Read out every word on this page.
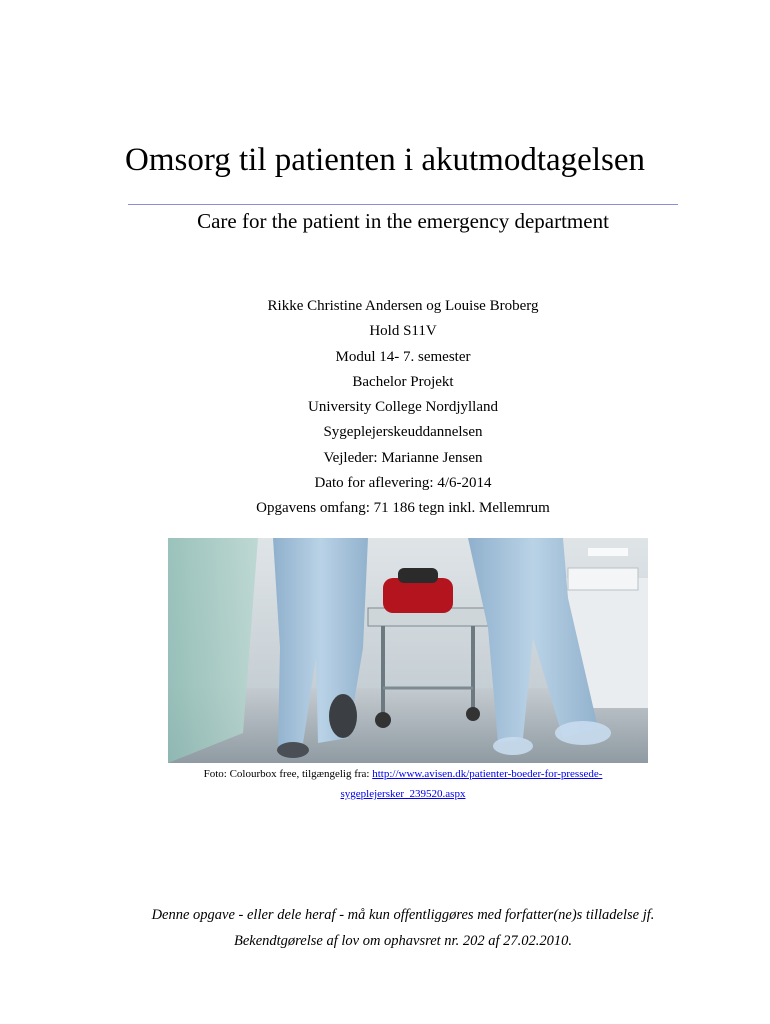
Omsorg til patienten i akutmodtagelsen
Care for the patient in the emergency department
Rikke Christine Andersen og Louise Broberg
Hold S11V
Modul 14- 7. semester
Bachelor Projekt
University College Nordjylland
Sygeplejerskeuddannelsen
Vejleder: Marianne Jensen
Dato for aflevering: 4/6-2014
Opgavens omfang: 71 186 tegn inkl. Mellemrum
Foto: Colourbox free, tilgængelig fra: http://www.avisen.dk/patienter-boeder-for-pressede-
sygeplejersker_239520.aspx
Denne opgave - eller dele heraf - må kun offentliggøres med forfatter(ne)s tilladelse jf.
Bekendtgørelse af lov om ophavsret nr. 202 af 27.02.2010.
